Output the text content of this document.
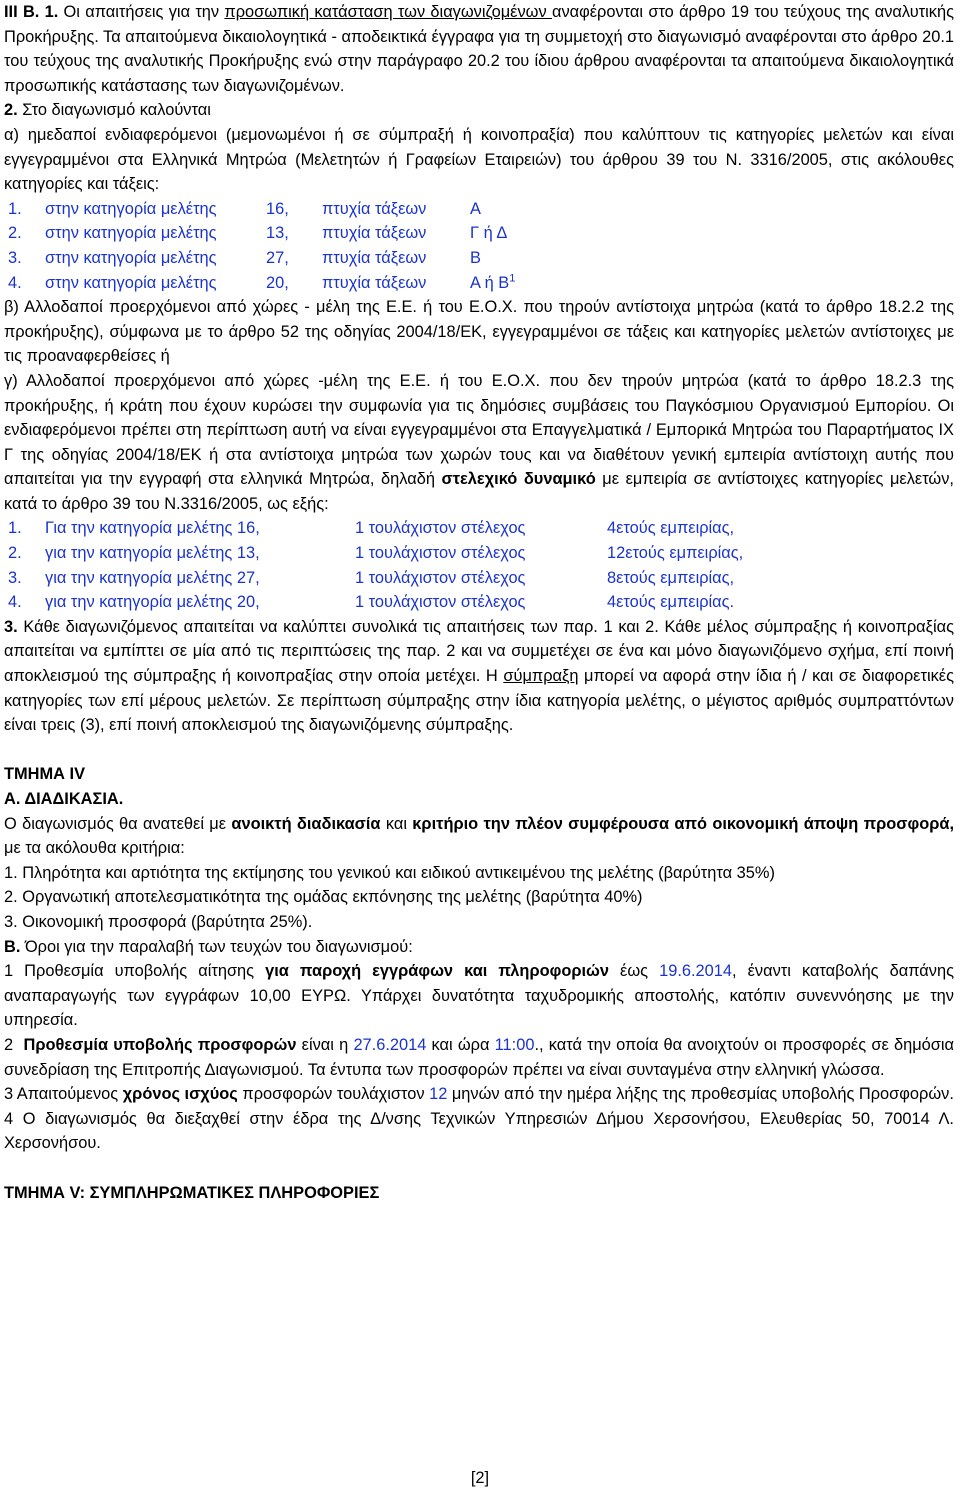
III Β. 1. Οι απαιτήσεις για την προσωπική κατάσταση των διαγωνιζομένων αναφέρονται στο άρθρο 19 του τεύχους της αναλυτικής Προκήρυξης. Τα απαιτούμενα δικαιολογητικά - αποδεικτικά έγγραφα για τη συμμετοχή στο διαγωνισμό αναφέρονται στο άρθρο 20.1 του τεύχους της αναλυτικής Προκήρυξης ενώ στην παράγραφο 20.2 του ίδιου άρθρου αναφέρονται τα απαιτούμενα δικαιολογητικά προσωπικής κατάστασης των διαγωνιζομένων.

2. Στο διαγωνισμό καλούνται

α) ημεδαποί ενδιαφερόμενοι (μεμονωμένοι ή σε σύμπραξή ή κοινοπραξία) που καλύπτουν τις κατηγορίες μελετών και είναι εγγεγραμμένοι στα Ελληνικά Μητρώα (Μελετητών ή Γραφείων Εταιρειών) του άρθρου 39 του Ν. 3316/2005, στις ακόλουθες κατηγορίες και τάξεις:

1.	στην κατηγορία μελέτης	16,	πτυχία τάξεων	Α
2.	στην κατηγορία μελέτης	13,	πτυχία τάξεων	Γ ή Δ
3.	στην κατηγορία μελέτης	27,	πτυχία τάξεων	Β
4.	στην κατηγορία μελέτης	20,	πτυχία τάξεων	Α ή $B^1$

β) Αλλοδαποί προερχόμενοι από χώρες - μέλη της Ε.Ε. ή του Ε.Ο.Χ. που τηρούν αντίστοιχα μητρώα (κατά το άρθρο 18.2.2 της προκήρυξης), σύμφωνα με το άρθρο 52 της οδηγίας 2004/18/ΕΚ, εγγεγραμμένοι σε τάξεις και κατηγορίες μελετών αντίστοιχες με τις προαναφερθείσες ή

γ) Αλλοδαποί προερχόμενοι από χώρες -μέλη της Ε.Ε. ή του Ε.Ο.Χ. που δεν τηρούν μητρώα (κατά το άρθρο 18.2.3 της προκήρυξης, ή κράτη που έχουν κυρώσει την συμφωνία για τις δημόσιες συμβάσεις του Παγκόσμιου Οργανισμού Εμπορίου. Οι ενδιαφερόμενοι πρέπει στη περίπτωση αυτή να είναι εγγεγραμμένοι στα Επαγγελματικά / Εμπορικά Μητρώα του Παραρτήματος ΙΧ Γ της οδηγίας 2004/18/ΕΚ ή στα αντίστοιχα μητρώα των χωρών τους και να διαθέτουν γενική εμπειρία αντίστοιχη αυτής που απαιτείται για την εγγραφή στα ελληνικά Μητρώα, δηλαδή στελεχικό δυναμικό με εμπειρία σε αντίστοιχες κατηγορίες μελετών, κατά το άρθρο 39 του Ν.3316/2005, ως εξής:

1.	Για την κατηγορία μελέτης 16,	1 τουλάχιστον στέλεχος	4ετούς εμπειρίας,
2.	για την κατηγορία μελέτης 13,	1 τουλάχιστον στέλεχος	12ετούς εμπειρίας,
3.	για την κατηγορία μελέτης 27,	1 τουλάχιστον στέλεχος	8ετούς εμπειρίας,
4.	για την κατηγορία μελέτης 20,	1 τουλάχιστον στέλεχος	4ετούς εμπειρίας.

3. Κάθε διαγωνιζόμενος απαιτείται να καλύπτει συνολικά τις απαιτήσεις των παρ. 1 και 2. Κάθε μέλος σύμπραξης ή κοινοπραξίας απαιτείται να εμπίπτει σε μία από τις περιπτώσεις της παρ. 2 και να συμμετέχει σε ένα και μόνο διαγωνιζόμενο σχήμα, επί ποινή αποκλεισμού της σύμπραξης ή κοινοπραξίας στην οποία μετέχει. Η σύμπραξη μπορεί να αφορά στην ίδια ή / και σε διαφορετικές κατηγορίες των επί μέρους μελετών. Σε περίπτωση σύμπραξης στην ίδια κατηγορία μελέτης, ο μέγιστος αριθμός συμπραττόντων είναι τρεις (3), επί ποινή αποκλεισμού της διαγωνιζόμενης σύμπραξης.

ΤΜΗΜΑ IV

Α. ΔΙΑΔΙΚΑΣΙΑ.

Ο διαγωνισμός θα ανατεθεί με ανοικτή διαδικασία και κριτήριο την πλέον συμφέρουσα από οικονομική άποψη προσφορά, με τα ακόλουθα κριτήρια:

1. Πληρότητα και αρτιότητα της εκτίμησης του γενικού και ειδικού αντικειμένου της μελέτης (βαρύτητα 35%)

2. Οργανωτική αποτελεσματικότητα της ομάδας εκπόνησης της μελέτης (βαρύτητα 40%)

3. Οικονομική προσφορά (βαρύτητα 25%).

Β. Όροι για την παραλαβή των τευχών του διαγωνισμού:

1 Προθεσμία υποβολής αίτησης για παροχή εγγράφων και πληροφοριών έως 19.6.2014, έναντι καταβολής δαπάνης αναπαραγωγής των εγγράφων 10,00 ΕΥΡΩ. Υπάρχει δυνατότητα ταχυδρομικής αποστολής, κατόπιν συνεννόησης με την υπηρεσία.

2 Προθεσμία υποβολής προσφορών είναι η 27.6.2014 και ώρα 11:00., κατά την οποία θα ανοιχτούν οι προσφορές σε δημόσια συνεδρίαση της Επιτροπής Διαγωνισμού. Τα έντυπα των προσφορών πρέπει να είναι συνταγμένα στην ελληνική γλώσσα.

3 Απαιτούμενος χρόνος ισχύος προσφορών τουλάχιστον 12 μηνών από την ημέρα λήξης της προθεσμίας υποβολής Προσφορών.

4 Ο διαγωνισμός θα διεξαχθεί στην έδρα της Δ/νσης Τεχνικών Υπηρεσιών Δήμου Χερσονήσου, Ελευθερίας 50, 70014 Λ. Χερσονήσου.

ΤΜΗΜΑ V: ΣΥΜΠΛΗΡΩΜΑΤΙΚΕΣ ΠΛΗΡΟΦΟΡΙΕΣ

[2]
